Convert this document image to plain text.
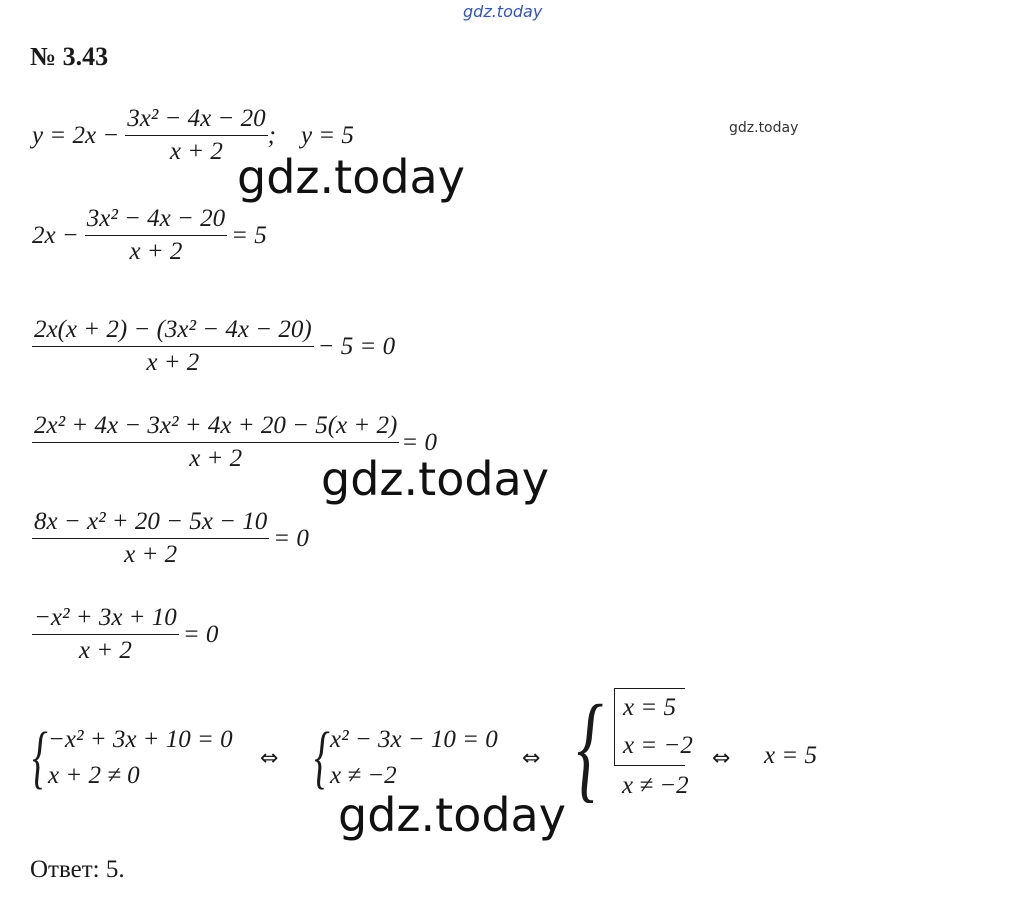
gdz.today
gdz.today
№ 3.43
$y = 2x - \frac{\text{3x² − 4x − 20}}{x + 2}$ ;    y = 5
gdz.today
$2x - \frac{\text{3x² − 4x − 20}}{x + 2} = 5$
$\frac{\text{2x(x + 2) − (3x² − 4x − 20)}}{x + 2} - 5 = 0$
$\frac{\text{2x² + 4x − 3x² + 4x + 20 − 5(x + 2)}}{x + 2} = 0$
gdz.today
$\frac{\text{8x − x² + 20 − 5x − 10}}{x + 2} = 0$
$\frac{\text{−x² + 3x + 10}}{x + 2} = 0$
{ −x² + 3x + 10 = 0
x + 2 ≠ 0
⇔ { x² − 3x − 10 = 0
x ≠ −2
⇔ { x = 5
x = −2
x ≠ −2
⇔ x = 5
gdz.today
Ответ: 5.
